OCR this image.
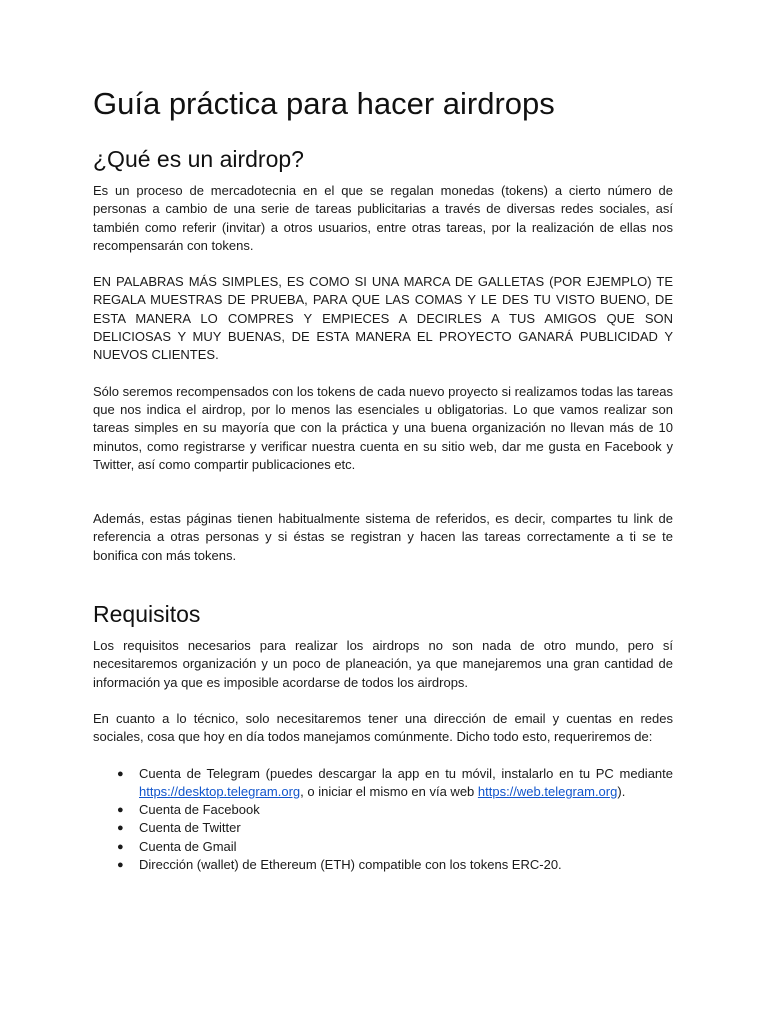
Guía práctica para hacer airdrops
¿Qué es un airdrop?

Es un proceso de mercadotecnia en el que se regalan monedas (tokens) a cierto número de personas a cambio de una serie de tareas publicitarias a través de diversas redes sociales, así también como referir (invitar) a otros usuarios, entre otras tareas, por la realización de ellas nos recompensarán con tokens.

EN PALABRAS MÁS SIMPLES, ES COMO SI UNA MARCA DE GALLETAS (POR EJEMPLO) TE REGALA MUESTRAS DE PRUEBA, PARA QUE LAS COMAS Y LE DES TU VISTO BUENO, DE ESTA MANERA LO COMPRES Y EMPIECES A DECIRLES A TUS AMIGOS QUE SON DELICIOSAS Y MUY BUENAS, DE ESTA MANERA EL PROYECTO GANARÁ PUBLICIDAD Y NUEVOS CLIENTES.

Sólo seremos recompensados con los tokens de cada nuevo proyecto si realizamos todas las tareas que nos indica el airdrop, por lo menos las esenciales u obligatorias. Lo que vamos realizar son tareas simples en su mayoría que con la práctica y una buena organización no llevan más de 10 minutos, como registrarse y verificar nuestra cuenta en su sitio web, dar me gusta en Facebook y Twitter, así como compartir publicaciones etc.

Además, estas páginas tienen habitualmente sistema de referidos, es decir, compartes tu link de referencia a otras personas y si éstas se registran y hacen las tareas correctamente a ti se te bonifica con más tokens.

Requisitos

Los requisitos necesarios para realizar los airdrops no son nada de otro mundo, pero sí necesitaremos organización y un poco de planeación, ya que manejaremos una gran cantidad de información ya que es imposible acordarse de todos los airdrops.

En cuanto a lo técnico, solo necesitaremos tener una dirección de email y cuentas en redes sociales, cosa que hoy en día todos manejamos comúnmente. Dicho todo esto, requeriremos de:

● Cuenta de Telegram (puedes descargar la app en tu móvil, instalarlo en tu PC mediante https://desktop.telegram.org, o iniciar el mismo en vía web https://web.telegram.org).
● Cuenta de Facebook
● Cuenta de Twitter
● Cuenta de Gmail
● Dirección (wallet) de Ethereum (ETH) compatible con los tokens ERC-20.
